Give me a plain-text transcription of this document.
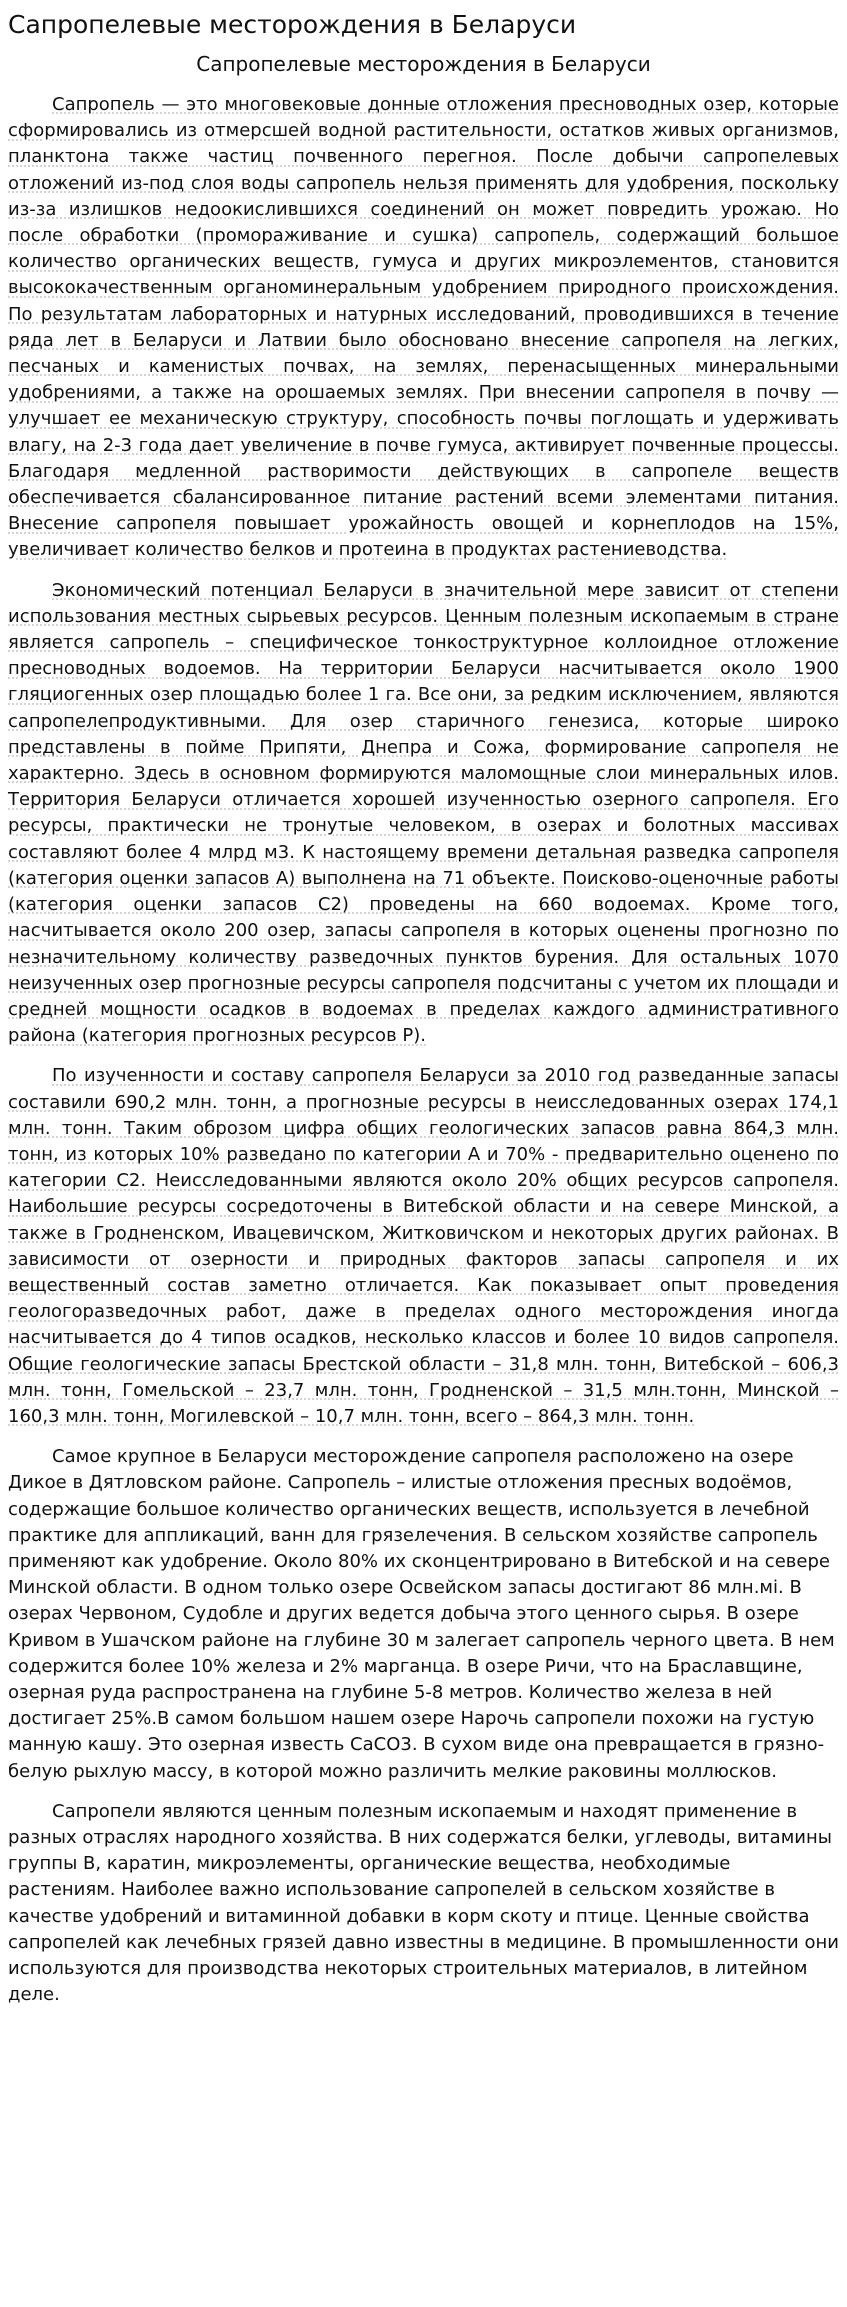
Сапропелевые месторождения в Беларуси
Сапропелевые месторождения в Беларуси

Сапропель — это многовековые донные отложения пресноводных озер, которые сформировались из отмерсшей водной растительности, остатков живых организмов, планктона также частиц почвенного перегноя. После добычи сапропелевых отложений из-под слоя воды сапропель нельзя применять для удобрения, поскольку из-за излишков недоокислившихся соединений он может повредить урожаю. Но после обработки (промораживание и сушка) сапропель, содержащий большое количество органических веществ, гумуса и других микроэлементов, становится высококачественным органоминеральным удобрением природного происхождения. По результатам лабораторных и натурных исследований, проводившихся в течение ряда лет в Беларуси и Латвии было обосновано внесение сапропеля на легких, песчаных и каменистых почвах, на землях, перенасыщенных минеральными удобрениями, а также на орошаемых землях. При внесении сапропеля в почву — улучшает ее механическую структуру, способность почвы поглощать и удерживать влагу, на 2-3 года дает увеличение в почве гумуса, активирует почвенные процессы. Благодаря медленной растворимости действующих в сапропеле веществ обеспечивается сбалансированное питание растений всеми элементами питания. Внесение сапропеля повышает урожайность овощей и корнеплодов на 15%, увеличивает количество белков и протеина в продуктах растениеводства.

Экономический потенциал Беларуси в значительной мере зависит от степени использования местных сырьевых ресурсов. Ценным полезным ископаемым в стране является сапропель – специфическое тонкоструктурное коллоидное отложение пресноводных водоемов. На территории Беларуси насчитывается около 1900 гляциогенных озер площадью более 1 га. Все они, за редким исключением, являются сапропелепродуктивными. Для озер старичного генезиса, которые широко представлены в пойме Припяти, Днепра и Сожа, формирование сапропеля не характерно. Здесь в основном формируются маломощные слои минеральных илов. Территория Беларуси отличается хорошей изученностью озерного сапропеля. Его ресурсы, практически не тронутые человеком, в озерах и болотных массивах составляют более 4 млрд м3. К настоящему времени детальная разведка сапропеля (категория оценки запасов А) выполнена на 71 объекте. Поисково-оценочные работы (категория оценки запасов С2) проведены на 660 водоемах. Кроме того, насчитывается около 200 озер, запасы сапропеля в которых оценены прогнозно по незначительному количеству разведочных пунктов бурения. Для остальных 1070 неизученных озер прогнозные ресурсы сапропеля подсчитаны с учетом их площади и средней мощности осадков в водоемах в пределах каждого административного района (категория прогнозных ресурсов Р).

По изученности и составу сапропеля Беларуси за 2010 год разведанные запасы составили 690,2 млн. тонн, а прогнозные ресурсы в неисследованных озерах 174,1 млн. тонн. Таким оброзом цифра общих геологических запасов равна 864,3 млн. тонн, из которых 10% разведано по категории А и 70% - предварительно оценено по категории С2. Неисследованными являются около 20% общих ресурсов сапропеля. Наибольшие ресурсы сосредоточены в Витебской области и на севере Минской, а также в Гродненском, Ивацевичском, Житковичском и некоторых других районах. В зависимости от озерности и природных факторов запасы сапропеля и их вещественный состав заметно отличается. Как показывает опыт проведения геологоразведочных работ, даже в пределах одного месторождения иногда насчитывается до 4 типов осадков, несколько классов и более 10 видов сапропеля. Общие геологические запасы Брестской области – 31,8 млн. тонн, Витебской – 606,3 млн. тонн, Гомельской – 23,7 млн. тонн, Гродненской – 31,5 млн.тонн, Минской – 160,3 млн. тонн, Могилевской – 10,7 млн. тонн, всего – 864,3 млн. тонн.

Самое крупное в Беларуси месторождение сапропеля расположено на озере Дикое в Дятловском районе. Сапропель – илистые отложения пресных водоёмов, содержащие большое количество органических веществ, используется в лечебной практике для аппликаций, ванн для грязелечения. В сельском хозяйстве сапропель применяют как удобрение. Около 80% их сконцентрировано в Витебской и на севере Минской области. В одном только озере Освейском запасы достигают 86 млн.мі. В озерах Червоном, Судобле и других ведется добыча этого ценного сырья. В озере Кривом в Ушачском районе на глубине 30 м залегает сапропель черного цвета. В нем содержится более 10% железа и 2% марганца. В озере Ричи, что на Браславщине, озерная руда распространена на глубине 5-8 метров. Количество железа в ней достигает 25%.В самом большом нашем озере Нарочь сапропели похожи на густую манную кашу. Это озерная известь CaCO3. В сухом виде она превращается в грязно-белую рыхлую массу, в которой можно различить мелкие раковины моллюсков.

Сапропели являются ценным полезным ископаемым и находят применение в разных отраслях народного хозяйства. В них содержатся белки, углеводы, витамины группы В, каратин, микроэлементы, органические вещества, необходимые растениям. Наиболее важно использование сапропелей в сельском хозяйстве в качестве удобрений и витаминной добавки в корм скоту и птице. Ценные свойства сапропелей как лечебных грязей давно известны в медицине. В промышленности они используются для производства некоторых строительных материалов, в литейном деле.
